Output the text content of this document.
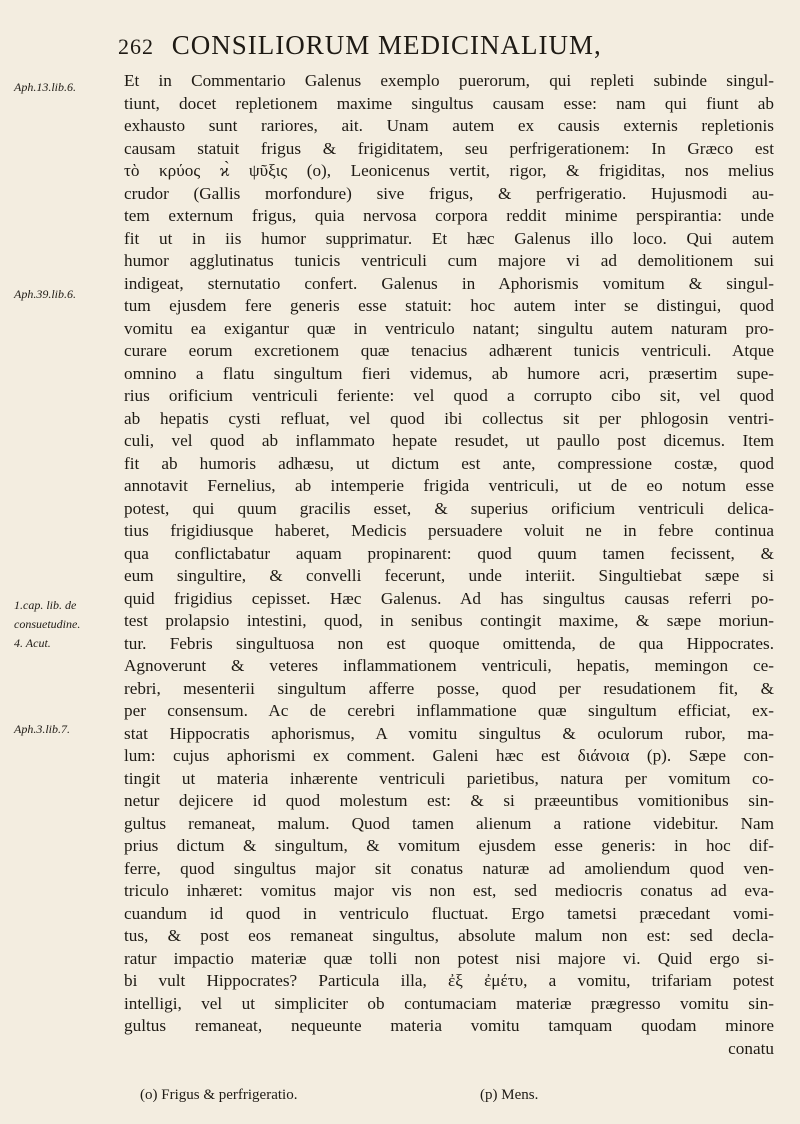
262 CONSILIORUM MEDICINALIUM,
Aph.13.lib.6.
Aph.39.lib.6.
1.cap. lib. de
consuetudine.
4. Acut.
Aph.3.lib.7.
Et in Commentario Galenus exemplo puerorum, qui repleti subinde singul-
tiunt, docet repletionem maxime singultus causam esse: nam qui fiunt ab
exhausto sunt rariores, ait. Unam autem ex causis externis repletionis
causam statuit frigus & frigiditatem, seu perfrigerationem: In Græco est
τὸ κρύος ϰ̀ ψῦξις (o), Leonicenus vertit, rigor, & frigiditas, nos melius
crudor (Gallis morfondure) sive frigus, & perfrigeratio. Hujusmodi au-
tem externum frigus, quia nervosa corpora reddit minime perspirantia: unde
fit ut in iis humor supprimatur. Et hæc Galenus illo loco. Qui autem
humor agglutinatus tunicis ventriculi cum majore vi ad demolitionem sui
indigeat, sternutatio confert. Galenus in Aphorismis vomitum & singul-
tum ejusdem fere generis esse statuit: hoc autem inter se distingui, quod
vomitu ea exigantur quæ in ventriculo natant; singultu autem naturam pro-
curare eorum excretionem quæ tenacius adhærent tunicis ventriculi. Atque
omnino a flatu singultum fieri videmus, ab humore acri, præsertim supe-
rius orificium ventriculi feriente: vel quod a corrupto cibo sit, vel quod
ab hepatis cysti refluat, vel quod ibi collectus sit per phlogosin ventri-
culi, vel quod ab inflammato hepate resudet, ut paullo post dicemus. Item
fit ab humoris adhæsu, ut dictum est ante, compressione costæ, quod
annotavit Fernelius, ab intemperie frigida ventriculi, ut de eo notum esse
potest, qui quum gracilis esset, & superius orificium ventriculi delica-
tius frigidiusque haberet, Medicis persuadere voluit ne in febre continua
qua conflictabatur aquam propinarent: quod quum tamen fecissent, &
eum singultire, & convelli fecerunt, unde interiit. Singultiebat sæpe si
quid frigidius cepisset. Hæc Galenus. Ad has singultus causas referri po-
test prolapsio intestini, quod, in senibus contingit maxime, & sæpe moriun-
tur. Febris singultuosa non est quoque omittenda, de qua Hippocrates.
Agnoverunt & veteres inflammationem ventriculi, hepatis, memingon ce-
rebri, mesenterii singultum afferre posse, quod per resudationem fit, &
per consensum. Ac de cerebri inflammatione quæ singultum efficiat, ex-
stat Hippocratis aphorismus, A vomitu singultus & oculorum rubor, ma-
lum: cujus aphorismi ex comment. Galeni hæc est διάνοια (p). Sæpe con-
tingit ut materia inhærente ventriculi parietibus, natura per vomitum co-
netur dejicere id quod molestum est: & si præeuntibus vomitionibus sin-
gultus remaneat, malum. Quod tamen alienum a ratione videbitur. Nam
prius dictum & singultum, & vomitum ejusdem esse generis: in hoc dif-
ferre, quod singultus major sit conatus naturæ ad amoliendum quod ven-
triculo inhæret: vomitus major vis non est, sed mediocris conatus ad eva-
cuandum id quod in ventriculo fluctuat. Ergo tametsi præcedant vomi-
tus, & post eos remaneat singultus, absolute malum non est: sed decla-
ratur impactio materiæ quæ tolli non potest nisi majore vi. Quid ergo si-
bi vult Hippocrates? Particula illa, ἐξ ἐμέτυ, a vomitu, trifariam potest
intelligi, vel ut simpliciter ob contumaciam materiæ prægresso vomitu sin-
gultus remaneat, nequeunte materia vomitu tamquam quodam minore
conatu
(o) Frigus & perfrigeratio.	(p) Mens.
